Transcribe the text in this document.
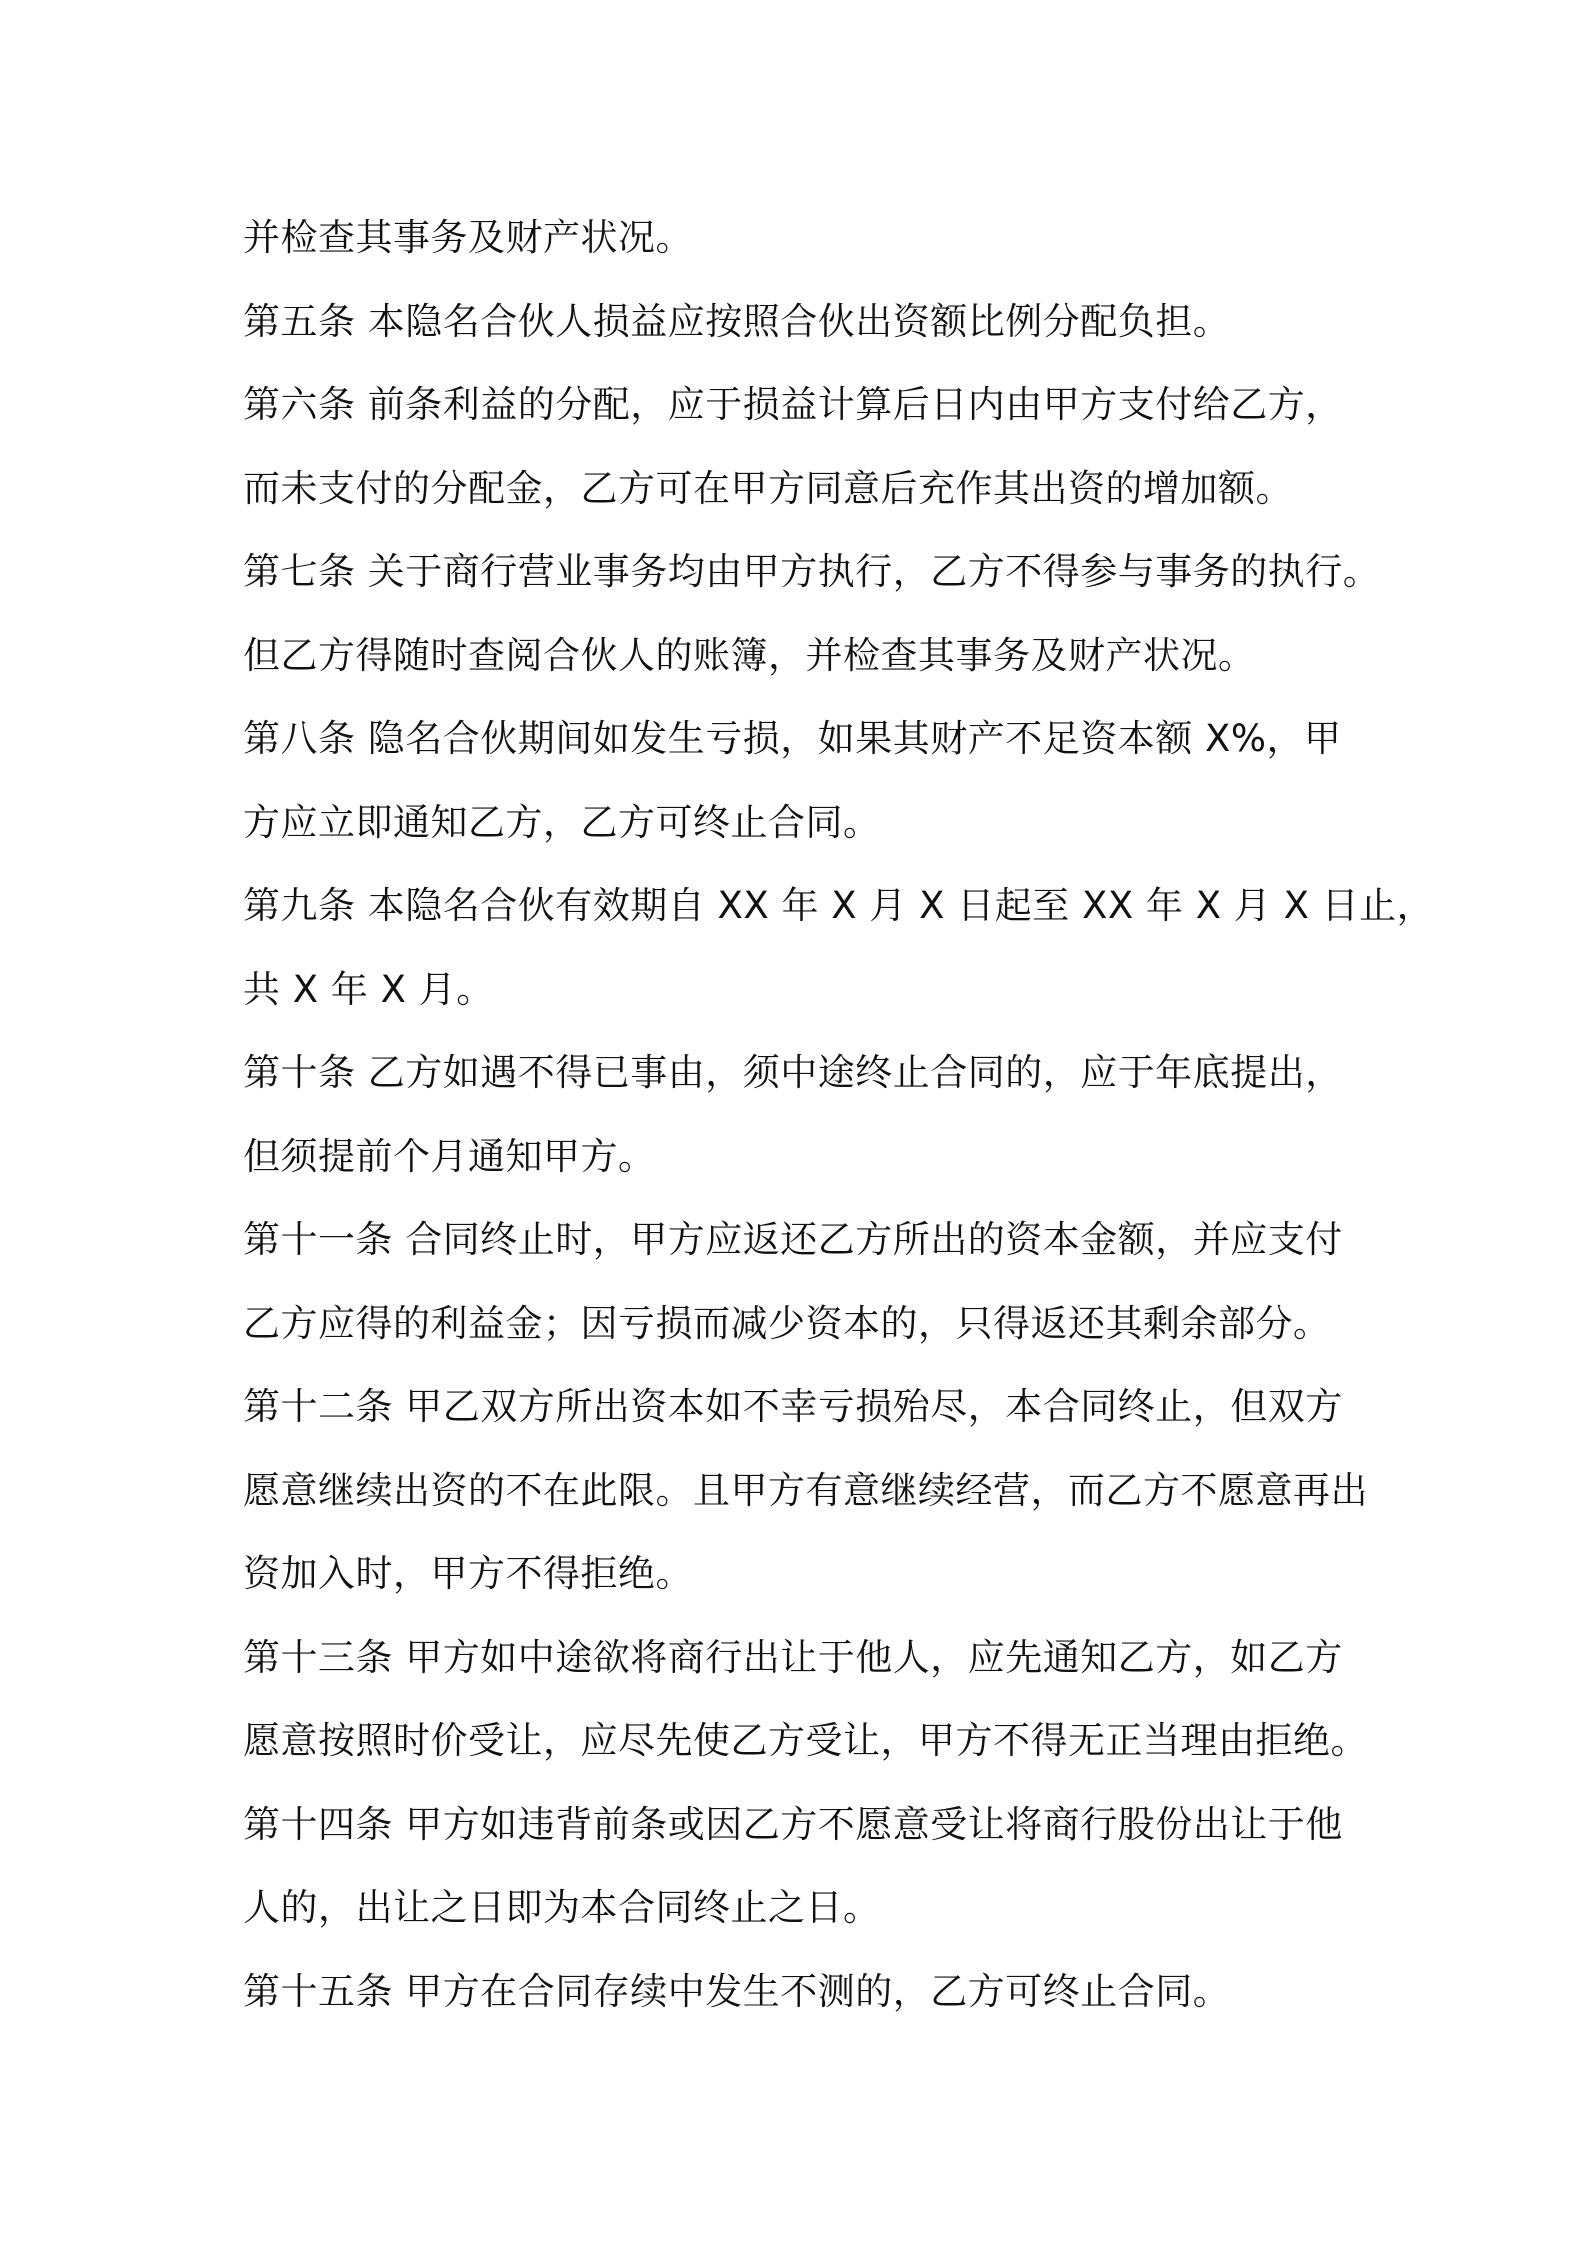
并检查其事务及财产状况。
第五条 本隐名合伙人损益应按照合伙出资额比例分配负担。
第六条 前条利益的分配，应于损益计算后日内由甲方支付给乙方，
而未支付的分配金，乙方可在甲方同意后充作其出资的增加额。
第七条 关于商行营业事务均由甲方执行，乙方不得参与事务的执行。
但乙方得随时查阅合伙人的账簿，并检查其事务及财产状况。
第八条 隐名合伙期间如发生亏损，如果其财产不足资本额 X%，甲
方应立即通知乙方，乙方可终止合同。
第九条 本隐名合伙有效期自 XX 年 X 月 X 日起至 XX 年 X 月 X 日止，
共 X 年 X 月。
第十条 乙方如遇不得已事由，须中途终止合同的，应于年底提出，
但须提前个月通知甲方。
第十一条 合同终止时，甲方应返还乙方所出的资本金额，并应支付
乙方应得的利益金；因亏损而减少资本的，只得返还其剩余部分。
第十二条 甲乙双方所出资本如不幸亏损殆尽，本合同终止，但双方
愿意继续出资的不在此限。且甲方有意继续经营，而乙方不愿意再出
资加入时，甲方不得拒绝。
第十三条 甲方如中途欲将商行出让于他人，应先通知乙方，如乙方
愿意按照时价受让，应尽先使乙方受让，甲方不得无正当理由拒绝。
第十四条 甲方如违背前条或因乙方不愿意受让将商行股份出让于他
人的，出让之日即为本合同终止之日。
第十五条 甲方在合同存续中发生不测的，乙方可终止合同。
